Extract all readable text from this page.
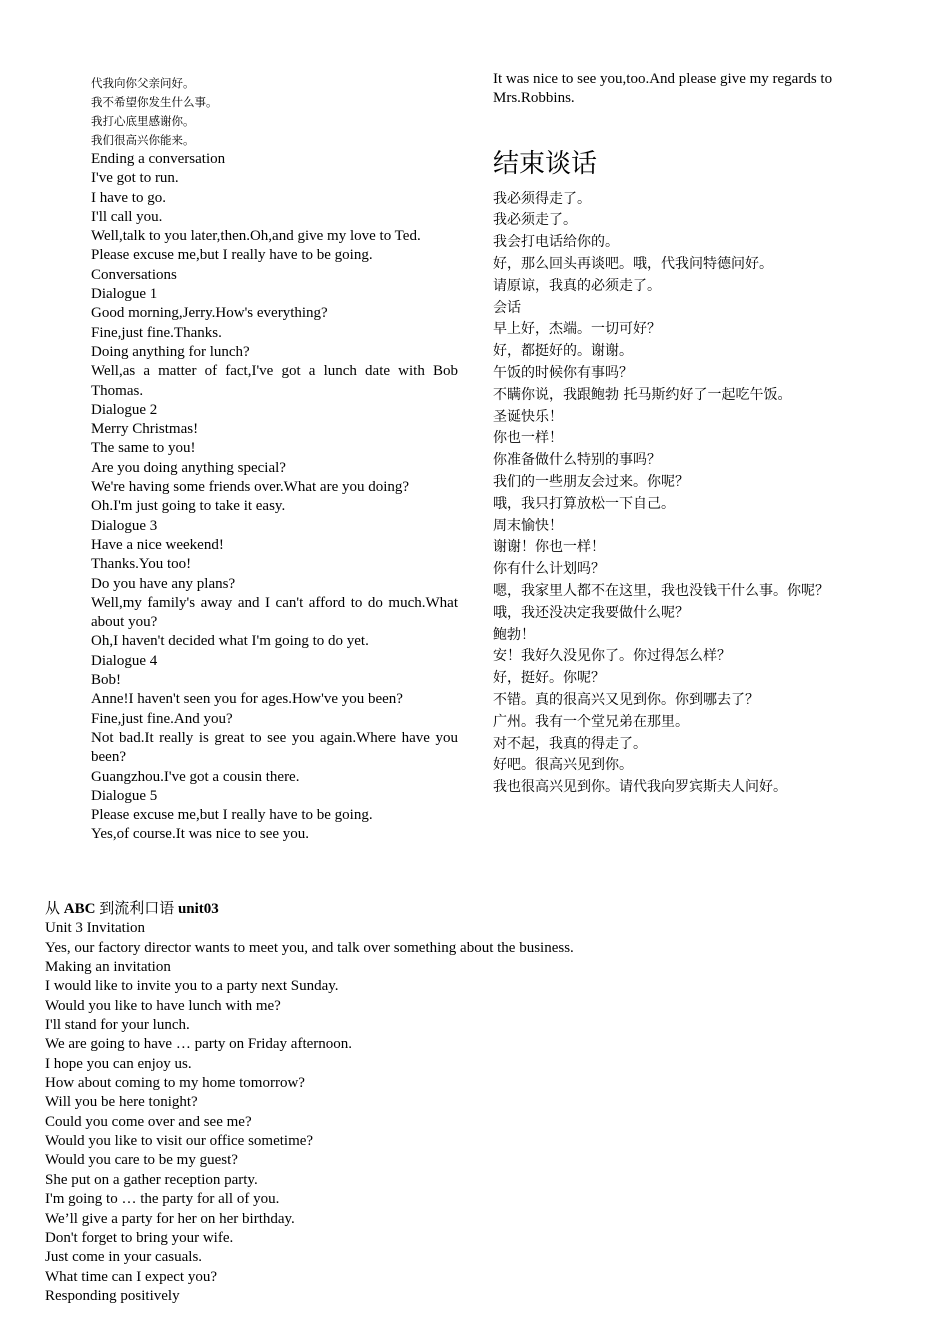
代我向你父亲问好。
我不希望你发生什么事。
我打心底里感谢你。
我们很高兴你能来。
Ending a conversation
I've got to run.
I have to go.
I'll call you.
Well,talk to you later,then.Oh,and give my love to Ted.
Please excuse me,but I really have to be going.
Conversations
Dialogue 1
Good morning,Jerry.How's everything?
Fine,just fine.Thanks.
Doing anything for lunch?
Well,as a matter of fact,I've got a lunch date with Bob Thomas.
Dialogue 2
Merry Christmas!
The same to you!
Are you doing anything special?
We're having some friends over.What are you doing?
Oh.I'm just going to take it easy.
Dialogue 3
Have a nice weekend!
Thanks.You too!
Do you have any plans?
Well,my family's away and I can't afford to do much.What about you?
Oh,I haven't decided what I'm going to do yet.
Dialogue 4
Bob!
Anne!I haven't seen you for ages.How've you been?
Fine,just fine.And you?
Not bad.It really is great to see you again.Where have you been?
Guangzhou.I've got a cousin there.
Dialogue 5
Please excuse me,but I really have to be going.
Yes,of course.It was nice to see you.
It was nice to see you,too.And please give my regards to Mrs.Robbins.
结束谈话
我必须得走了。
我必须走了。
我会打电话给你的。
好，那么回头再谈吧。哦，代我问特德问好。
请原谅，我真的必须走了。
会话
早上好，杰端。一切可好？
好，都挺好的。谢谢。
午饭的时候你有事吗？
不瞒你说，我跟鲍勃 托马斯约好了一起吃午饭。
圣诞快乐！
你也一样！
你准备做什么特别的事吗？
我们的一些朋友会过来。你呢？
哦，我只打算放松一下自己。
周末愉快！
谢谢！你也一样！
你有什么计划吗？
嗯，我家里人都不在这里，我也没钱干什么事。你呢？
哦，我还没决定我要做什么呢？
鲍勃！
安！我好久没见你了。你过得怎么样？
好，挺好。你呢？
不错。真的很高兴又见到你。你到哪去了？
广州。我有一个堂兄弟在那里。
对不起，我真的得走了。
好吧。很高兴见到你。
我也很高兴见到你。请代我向罗宾斯夫人问好。
从 ABC 到流利口语 unit03
Unit 3 Invitation
Yes, our factory director wants to meet you, and talk over something about the business.
Making an invitation
I would like to invite you to a party next Sunday.
Would you like to have lunch with me?
I'll stand for your lunch.
We are going to have … party on Friday afternoon.
I hope you can enjoy us.
How about coming to my home tomorrow?
Will you be here tonight?
Could you come over and see me?
Would you like to visit our office sometime?
Would you care to be my guest?
She put on a gather reception party.
I'm going to … the party for all of you.
We’ll give a party for her on her birthday.
Don't forget to bring your wife.
Just come in your casuals.
What time can I expect you?
Responding positively
